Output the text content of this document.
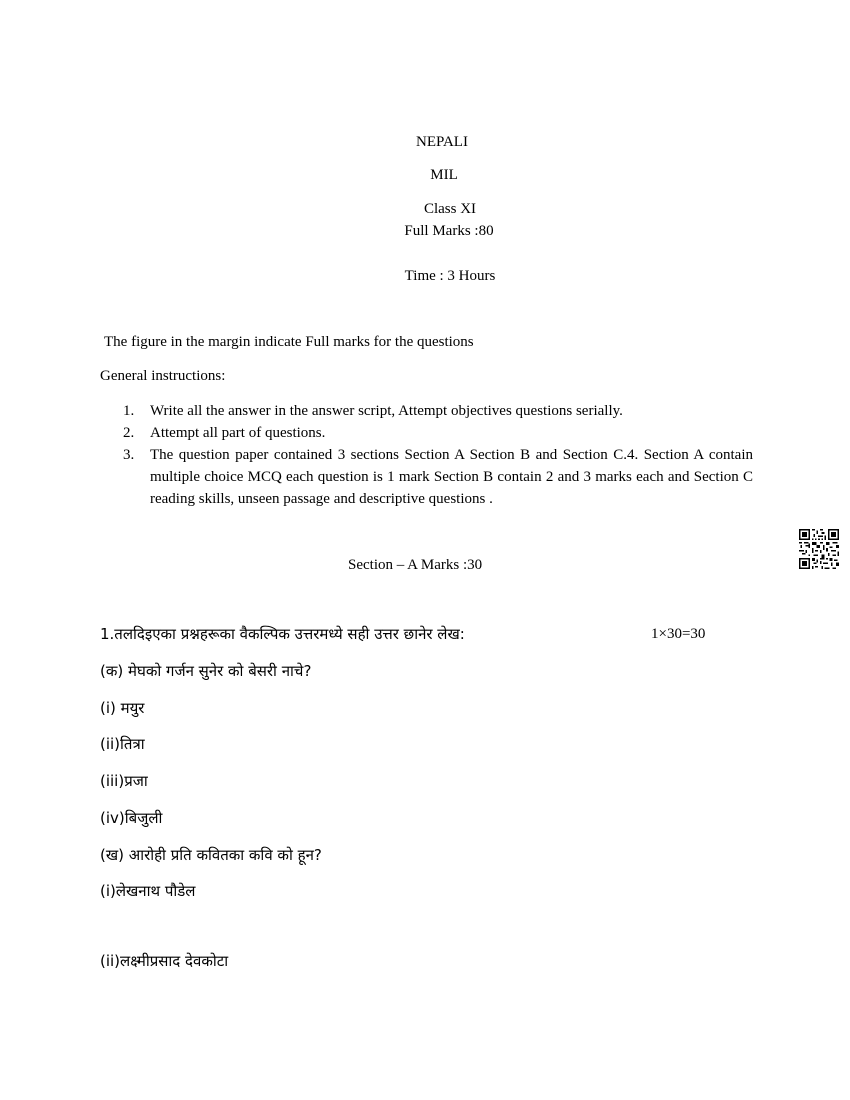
NEPALI
MIL
Class XI
Full Marks :80
Time : 3 Hours
The figure in the margin indicate Full marks for the questions
General instructions:
1. Write all the answer in the answer script, Attempt objectives questions serially.
2. Attempt all part of questions.
3. The question paper contained 3 sections Section A Section B and Section C.4. Section A contain multiple choice MCQ each question is 1 mark Section B contain 2 and 3 marks each and Section C reading skills, unseen passage and descriptive questions .
Section – A Marks :30
1.तलदिइएका प्रश्नहरूका वैकल्पिक उत्तरमध्ये सही उत्तर छानेर लेख:	1×30=30
(क) मेघको गर्जन सुनेर को बेसरी नाचे?
(i) मयुर
(ii)तित्रा
(iii)प्रजा
(iv)बिजुली
(ख) आरोही प्रति कवितका कवि को हून?
(i)लेखनाथ पौडेल
(ii)लक्ष्मीप्रसाद देवकोटा
